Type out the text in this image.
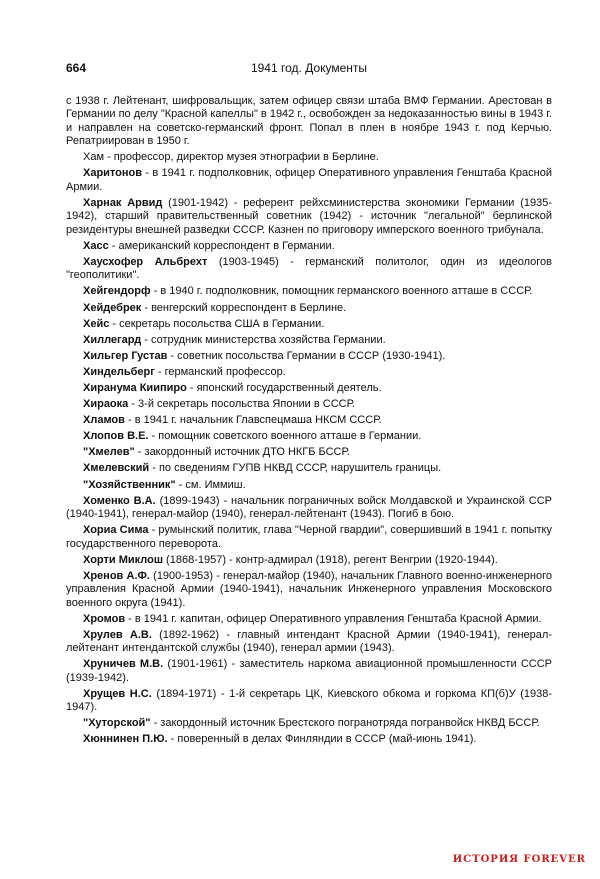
664	1941 год. Документы

с 1938 г. Лейтенант, шифровальщик, затем офицер связи штаба ВМФ Германии. Арестован в Германии по делу "Красной капеллы" в 1942 г., освобожден за недоказанностью вины в 1943 г. и направлен на советско-германский фронт. Попал в плен в ноябре 1943 г. под Керчью. Репатриирован в 1950 г.

Хам - профессор, директор музея этнографии в Берлине.

Харитонов - в 1941 г. подполковник, офицер Оперативного управления Генштаба Красной Армии.

Харнак Арвид (1901-1942) - референт рейхсминистерства экономики Германии (1935-1942), старший правительственный советник (1942) - источник "легальной" берлинской резидентуры внешней разведки СССР. Казнен по приговору имперского военного трибунала.

Хасс - американский корреспондент в Германии.

Хаусхофер Альбрехт (1903-1945) - германский политолог, один из идеологов "геополитики".

Хейгендорф - в 1940 г. подполковник, помощник германского военного атташе в СССР.

Хейдебрек - венгерский корреспондент в Берлине.

Хейс - секретарь посольства США в Германии.

Хиллегард - сотрудник министерства хозяйства Германии.

Хильгер Густав - советник посольства Германии в СССР (1930-1941).

Хиндельберг - германский профессор.

Хиранума Киипиро - японский государственный деятель.

Хираока - 3-й секретарь посольства Японии в СССР.

Хламов - в 1941 г. начальник Главспецмаша НКСМ СССР.

Хлопов В.Е. - помощник советского военного атташе в Германии.

"Хмелев" - закордонный источник ДТО НКГБ БССР.

Хмелевский - по сведениям ГУПВ НКВД СССР, нарушитель границы.

"Хозяйственник" - см. Иммиш.

Хоменко В.А. (1899-1943) - начальник пограничных войск Молдавской и Украинской ССР (1940-1941), генерал-майор (1940), генерал-лейтенант (1943). Погиб в бою.

Хориа Сима - румынский политик, глава "Черной гвардии", совершивший в 1941 г. попытку государственного переворота.

Хорти Миклош (1868-1957) - контр-адмирал (1918), регент Венгрии (1920-1944).

Хренов А.Ф. (1900-1953) - генерал-майор (1940), начальник Главного военно-инженерного управления Красной Армии (1940-1941), начальник Инженерного управления Московского военного округа (1941).

Хромов - в 1941 г. капитан, офицер Оперативного управления Генштаба Красной Армии.

Хрулев А.В. (1892-1962) - главный интендант Красной Армии (1940-1941), генерал-лейтенант интендантской службы (1940), генерал армии (1943).

Хруничев М.В. (1901-1961) - заместитель наркома авиационной промышленности СССР (1939-1942).

Хрущев Н.С. (1894-1971) - 1-й секретарь ЦК, Киевского обкома и горкома КП(б)У (1938-1947).

"Хуторской" - закордонный источник Брестского погранотряда погранвойск НКВД БССР.

Хюннинен П.Ю. - поверенный в делах Финляндии в СССР (май-июнь 1941).

ИСТОРИЯ FOREVER
